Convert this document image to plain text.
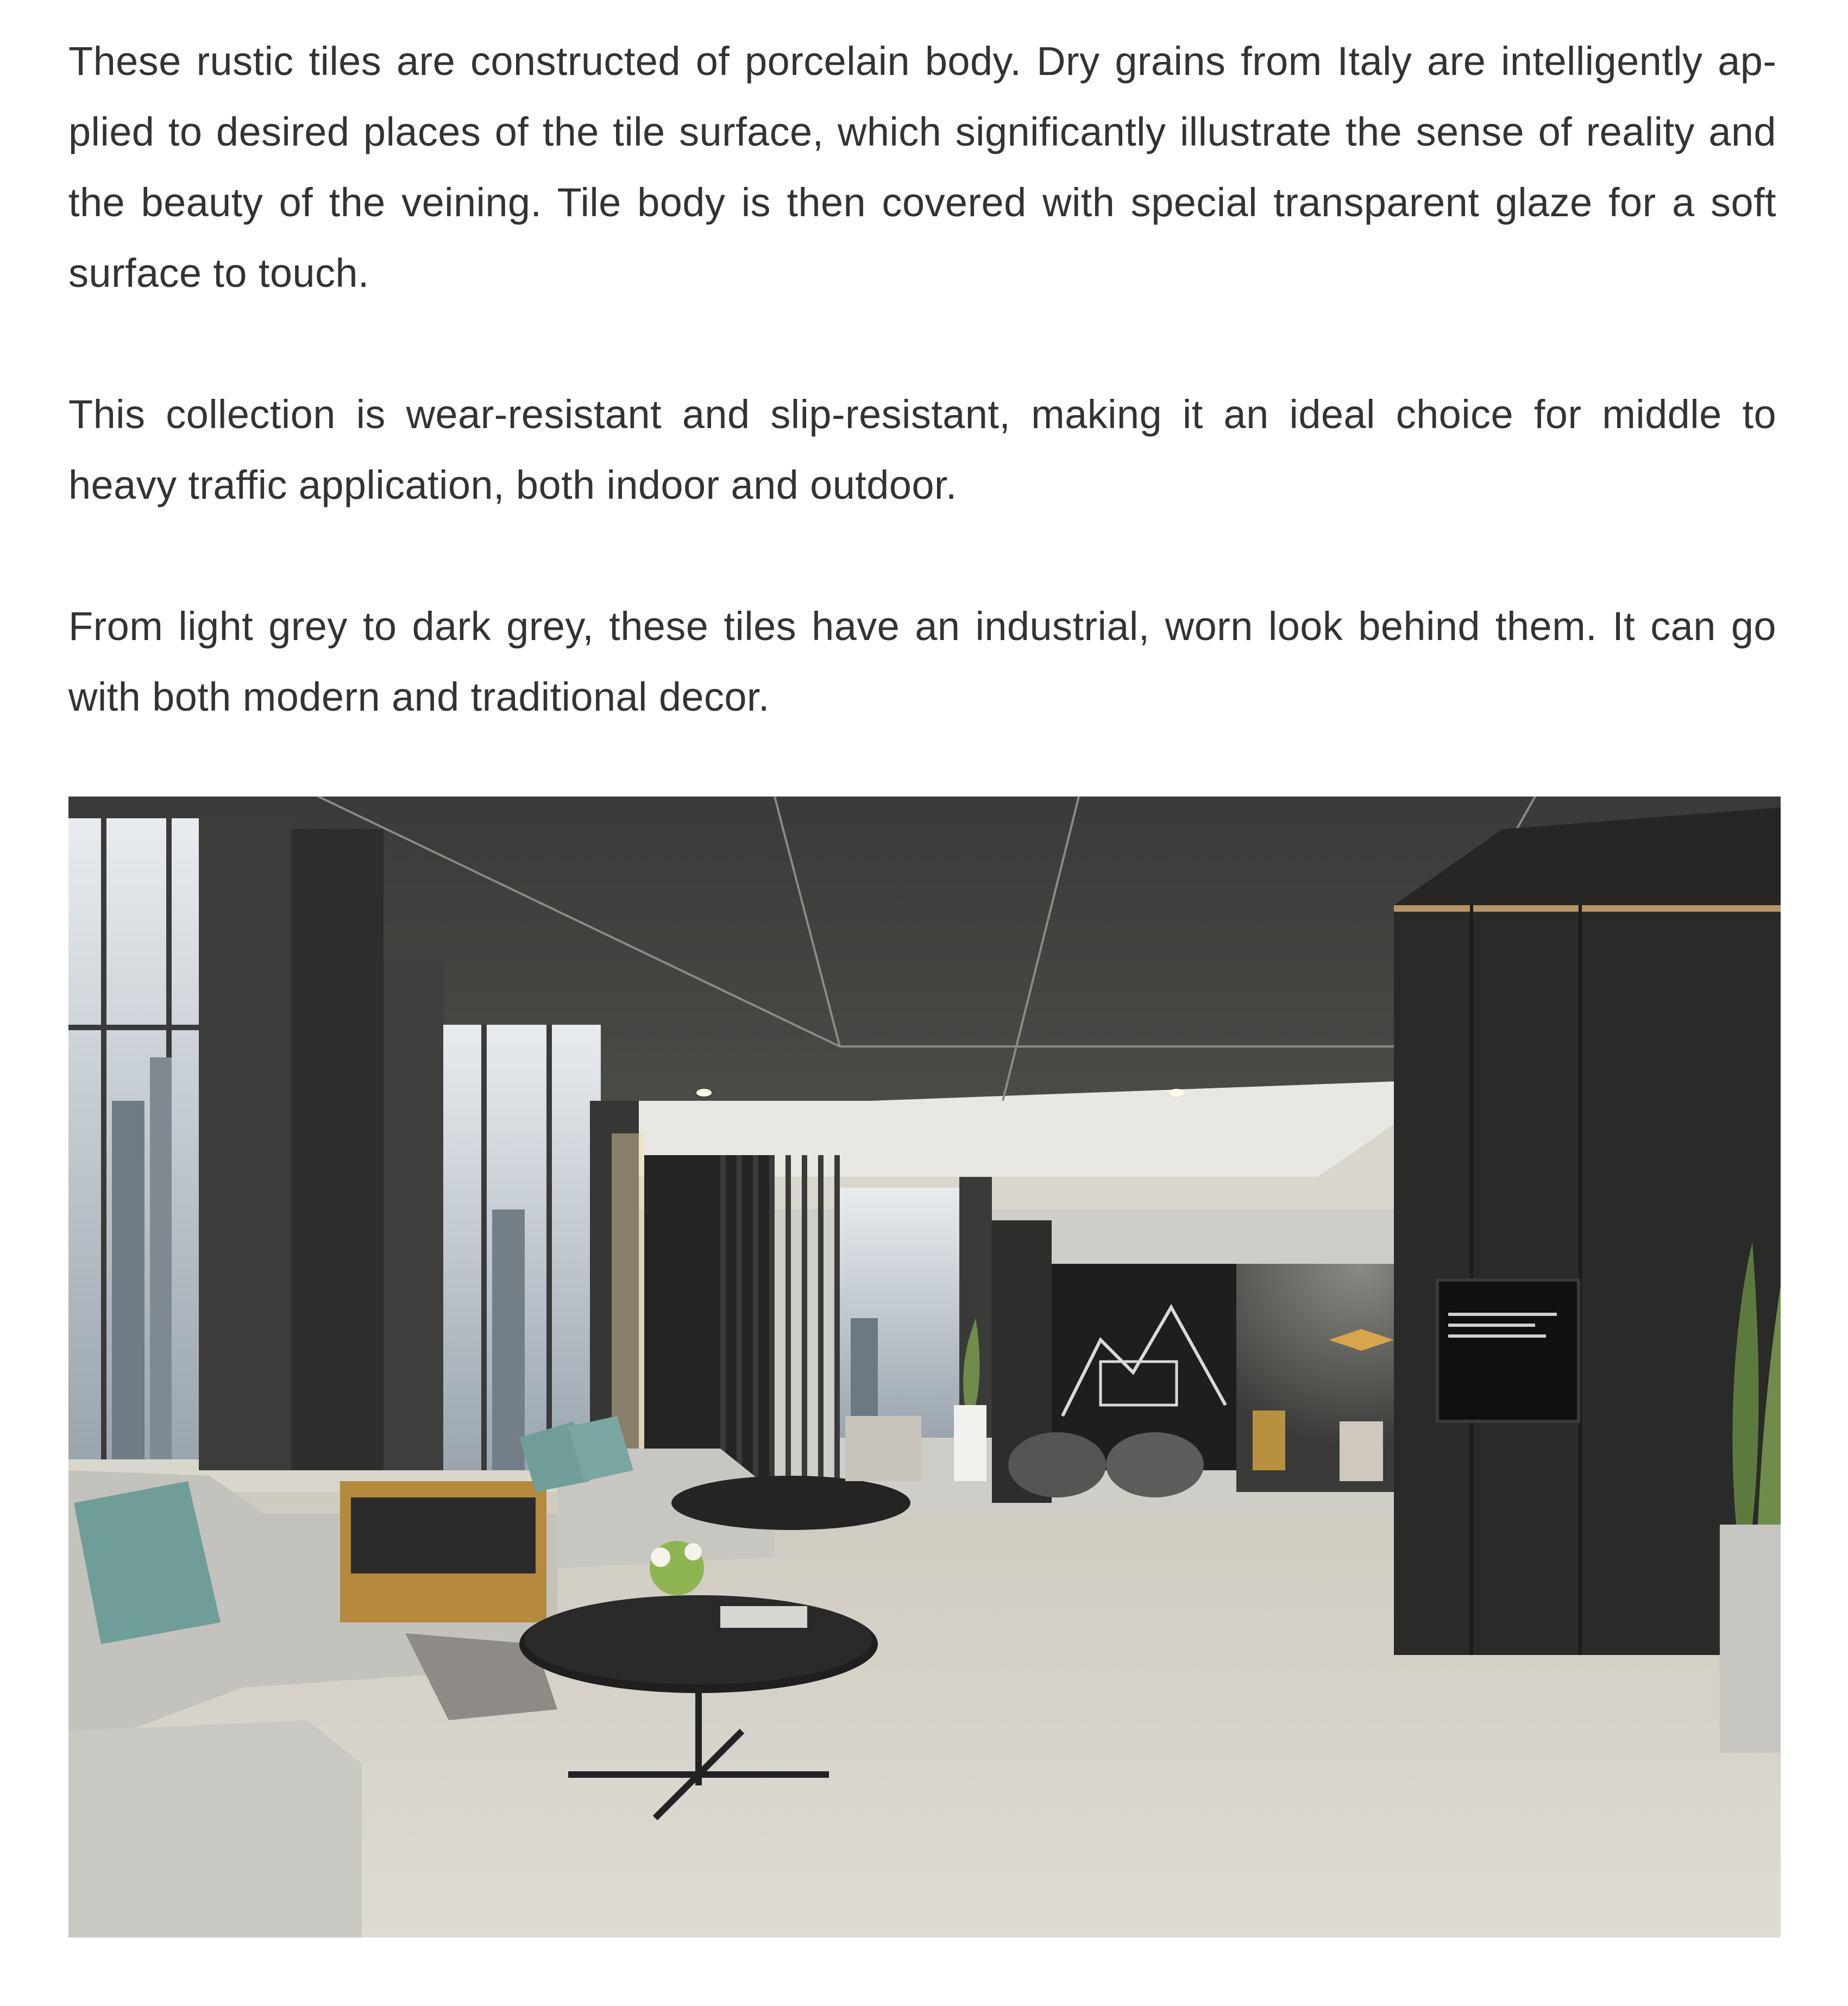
These rustic tiles are constructed of porcelain body. Dry grains from Italy are intelligently applied to desired places of the tile surface, which significantly illustrate the sense of reality and the beauty of the veining. Tile body is then covered with special transparent glaze for a soft surface to touch.

This collection is wear-resistant and slip-resistant, making it an ideal choice for middle to heavy traffic application, both indoor and outdoor.

From light grey to dark grey, these tiles have an industrial, worn look behind them. It can go with both modern and traditional decor.
